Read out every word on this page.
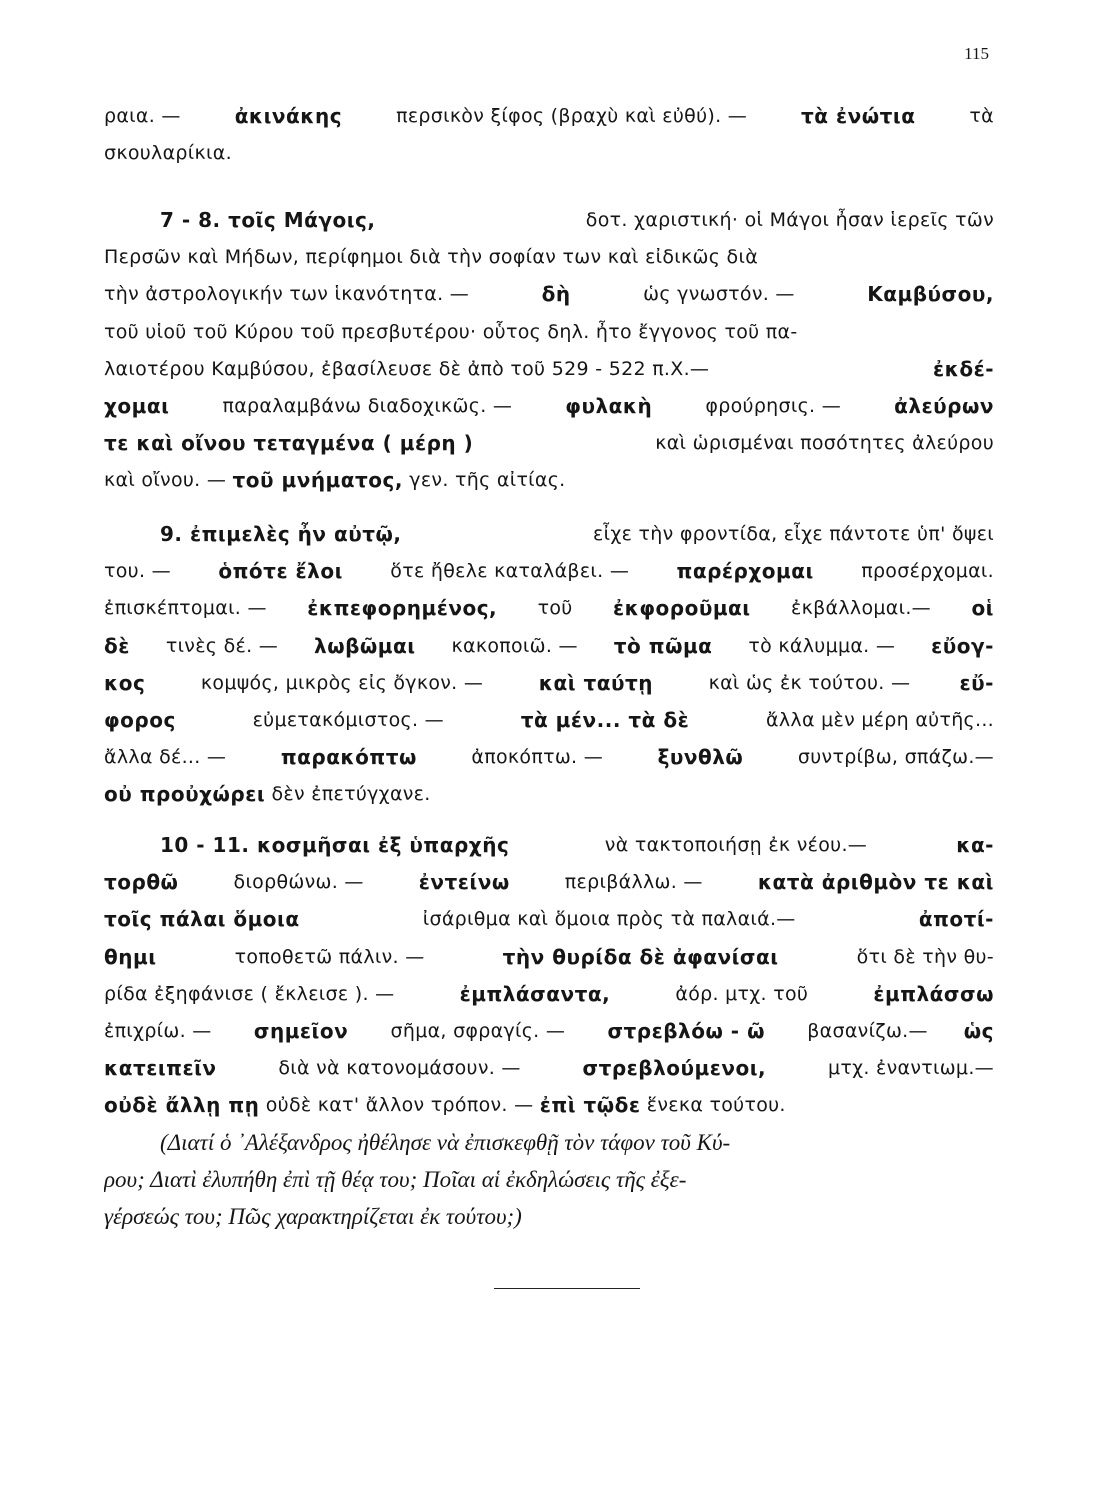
115
ραια. — ἀκινάκης	περσικὸν ξίφος (βραχὺ καὶ εὐθύ). — τὰ ἐνώτια	τὰ
σκουλαρίκια.
7 - 8. τοῖς Μάγοις,	δοτ. χαριστική· οἱ Μάγοι ἦσαν ἱερεῖς τῶν
Περσῶν καὶ Μήδων, περίφημοι διὰ τὴν σοφίαν των καὶ εἰδικῶς διὰ
τὴν ἀστρολογικήν των ἱκανότητα. —	δὴ	ὡς γνωστόν. —	Καμβύσου,
τοῦ υἱοῦ τοῦ Κύρου τοῦ πρεσβυτέρου· οὗτος δηλ. ἦτο ἔγγονος τοῦ πα-
λαιοτέρου Καμβύσου, ἐβασίλευσε δὲ ἀπὸ τοῦ 529 - 522 π.Χ.—	ἐκδέ-
χομαι παραλαμβάνω διαδοχικῶς. — φυλακὴ φρούρησις. — ἀλεύρων
τε καὶ οἴνου τεταγμένα ( μέρη )	καὶ ὡρισμέναι ποσότητες ἀλεύρου
καὶ οἴνου. — τοῦ μνήματος, γεν. τῆς αἰτίας.
9. ἐπιμελὲς ἦν αὐτῷ,	εἶχε τὴν φροντίδα, εἶχε πάντοτε ὑπ' ὄψει
του. — ὁπότε ἔλοι ὅτε ἤθελε καταλάβει. — παρέρχομαι προσέρχομαι.
ἐπισκέπτομαι. — ἐκπεφορημένος, τοῦ ἐκφοροῦμαι ἐκβάλλομαι.— οἱ
δὲ τινὲς δέ. — λωβῶμαι κακοποιῶ. — τὸ πῶμα τὸ κάλυμμα. — εὔογ-
κος	κομψός, μικρὸς εἰς ὄγκον. — καὶ ταύτῃ	καὶ ὡς ἐκ τούτου. — εὔ-
φορος	εὐμετακόμιστος. —	τὰ μέν... τὰ δὲ	ἄλλα μὲν μέρη αὐτῆς...
ἄλλα δέ... — παρακόπτω	ἀποκόπτω. — ξυνθλῶ	συντρίβω, σπάζω.—
οὐ προὐχώρει δὲν ἐπετύγχανε.
10 - 11. κοσμῆσαι ἐξ ὑπαρχῆς	νὰ τακτοποιήσῃ ἐκ νέου.—	κα-
τορθῶ	διορθώνω. — ἐντείνω	περιβάλλω. — κατὰ ἀριθμὸν τε καὶ
τοῖς πάλαι ὅμοια	ἰσάριθμα καὶ ὅμοια πρὸς τὰ παλαιά.—	ἀποτί-
θημι	τοποθετῶ πάλιν. —	τὴν θυρίδα δὲ ἀφανίσαι	ὅτι δὲ τὴν θυ-
ρίδα ἐξηφάνισε ( ἔκλεισε ). —	ἐμπλάσαντα,	ἀόρ. μτχ. τοῦ	ἐμπλάσσω
ἐπιχρίω. — σημεῖον σῆμα, σφραγίς. — στρεβλόω - ῶ βασανίζω.— ὡς
κατειπεῖν	διὰ νὰ κατονομάσουν. —	στρεβλούμενοι,	μτχ. ἐναντιωμ.—
οὐδὲ ἄλλῃ πῃ οὐδὲ κατ' ἄλλον τρόπον. — ἐπὶ τῷδε ἕνεκα τούτου.
(Διατί ὁ ᾿Αλέξανδρος ἠθέλησε νὰ ἐπισκεφθῇ τὸν τάφον τοῦ Κύ-
ρου; Διατὶ ἐλυπήθη ἐπὶ τῇ θέᾳ του; Ποῖαι αἱ ἐκδηλώσεις τῆς ἐξε-
γέρσεώς του; Πῶς χαρακτηρίζεται ἐκ τούτου;)
